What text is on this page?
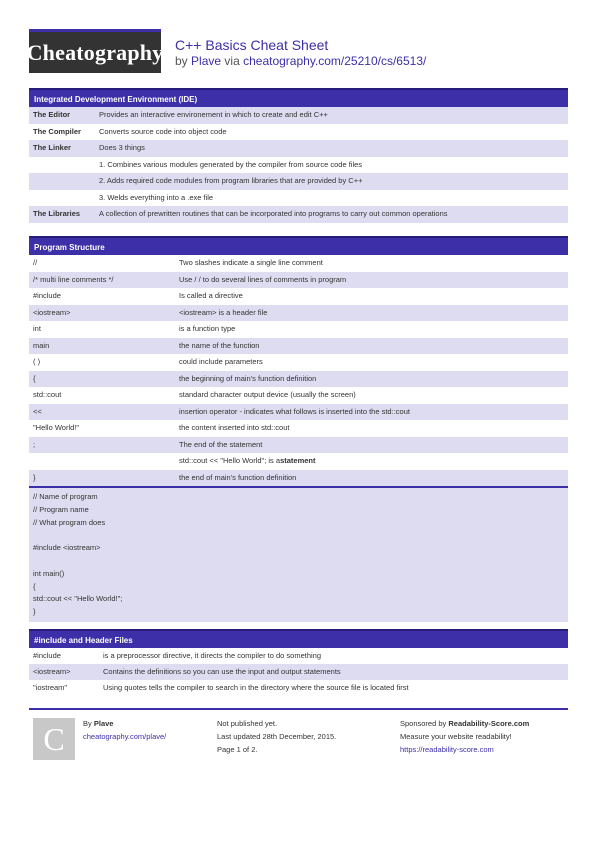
Cheatography C++ Basics Cheat Sheet
by Plave via cheatography.com/25210/cs/6513/
Integrated Development Environment (IDE)
The Editor	Provides an interactive environement in which to create and edit C++
The Compiler	Converts source code into object code
The Linker	Does 3 things
1. Combines various modules generated by the compiler from source code files
2. Adds required code modules from program libraries that are provided by C++
3. Welds everything into a .exe file
The Libraries	A collection of prewritten routines that can be incorporated into programs to carry out common operations
Program Structure
//	Two slashes indicate a single line comment
/* multi line comments */	Use / / to do several lines of comments in program
#include	Is called a directive
<iostream>	<iostream> is a header file
int	is a function type
main	the name of the function
( )	could include parameters
{	the beginning of main's function definition
std::cout	standard character output device (usually the screen)
<<	insertion operator - indicates what follows is inserted into the std::cout
"Hello World!"	the content inserted into std::cout
;	The end of the statement
std::cout << "Hello World"; is astatement
}	the end of main's function definition
// Name of program
// Program name
// What program does
#include <iostream>
int main()
{
std::cout << "Hello World!";
}
#include and Header Files
#include	is a preprocessor directive, it directs the compiler to do something
<iostream>	Contains the definitions so you can use the input and output statements
"iostream"	Using quotes tells the compiler to search in the directory where the source file is located first
C	By Plave
cheatography.com/plave/
Not published yet.
Last updated 28th December, 2015.
Page 1 of 2.
Sponsored by Readability-Score.com
Measure your website readability!
https://readability-score.com
